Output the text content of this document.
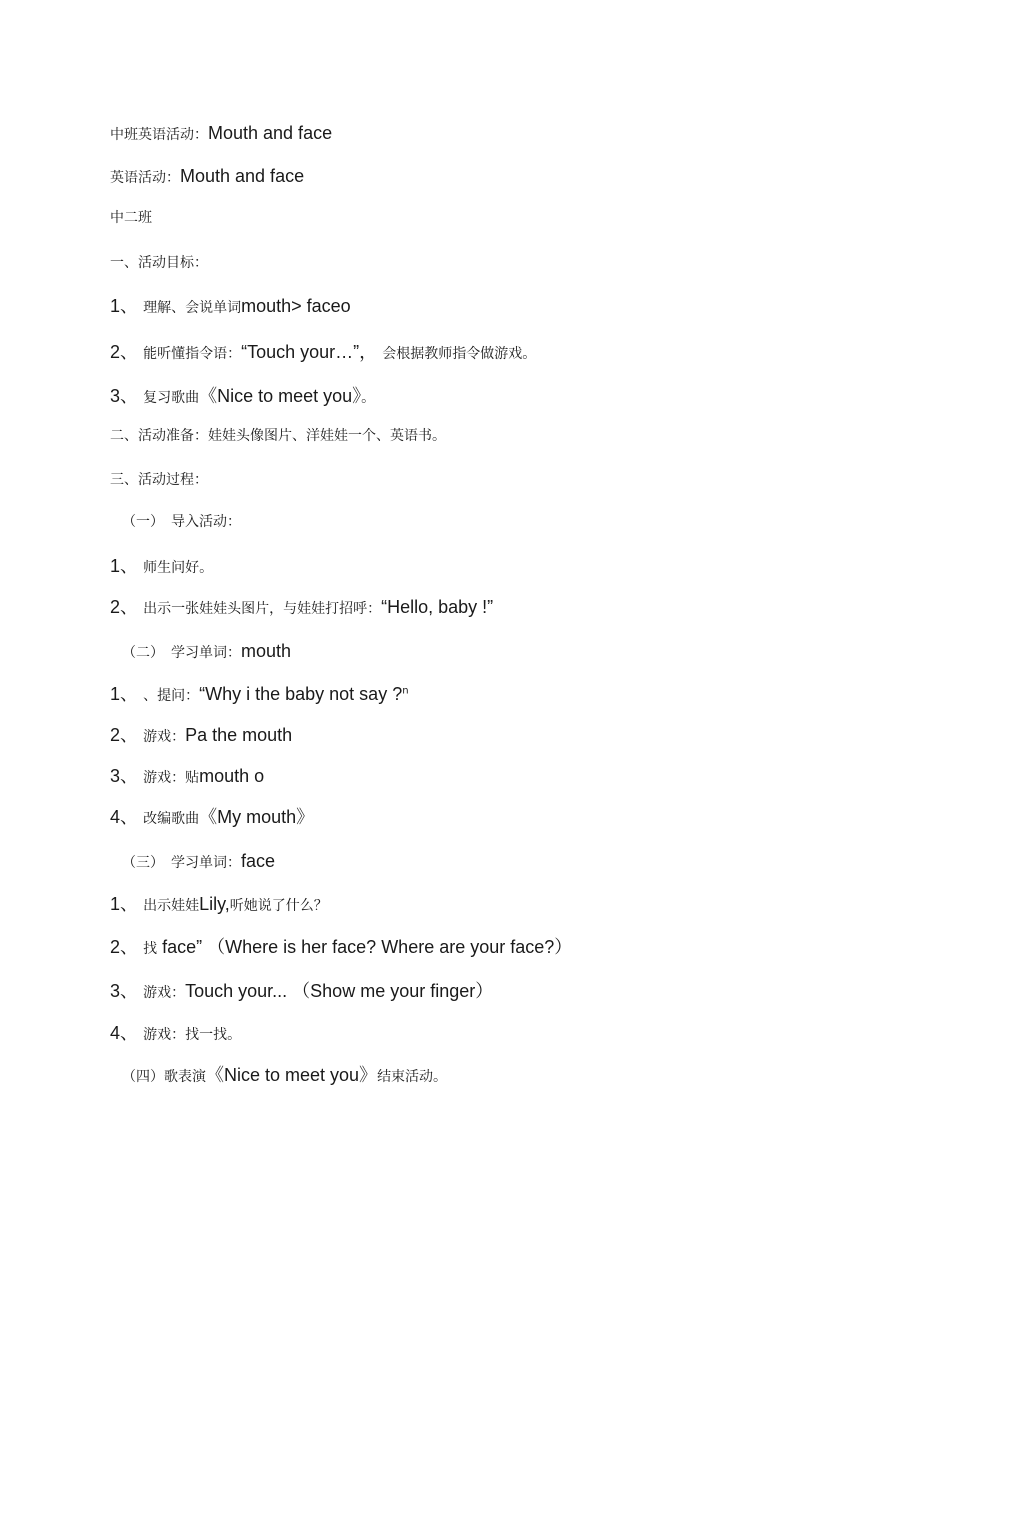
中班英语活动：Mouth and face
英语活动：Mouth and face
中二班
一、活动目标：
1、 理解、会说单词mouth> faceo
2、 能听懂指令语：“Touch your…”， 会根据教师指令做游戏。
3、 复习歌曲《Nice to meet you》。
二、活动准备：娃娃头像图片、洋娃娃一个、英语书。
三、活动过程：
（一）　导入活动：
1、 师生问好。
2、 出示一张娃娃头图片，与娃娃打招呼：“Hello, baby !”
（二）　学习单词：mouth
1、 、提问：“Why i the baby not say ?$^n$
2、 游戏：Pa the mouth
3、 游戏：贴mouth o
4、 改编歌曲《My mouth》
（三）　学习单词：face
1、 出示娃娃Lily,听她说了什么？
2、 找 face” （Where is her face? Where are your face?）
3、 游戏：Touch your... （Show me your finger）
4、 游戏：找一找。
（四）歌表演《Nice to meet you》结束活动。
